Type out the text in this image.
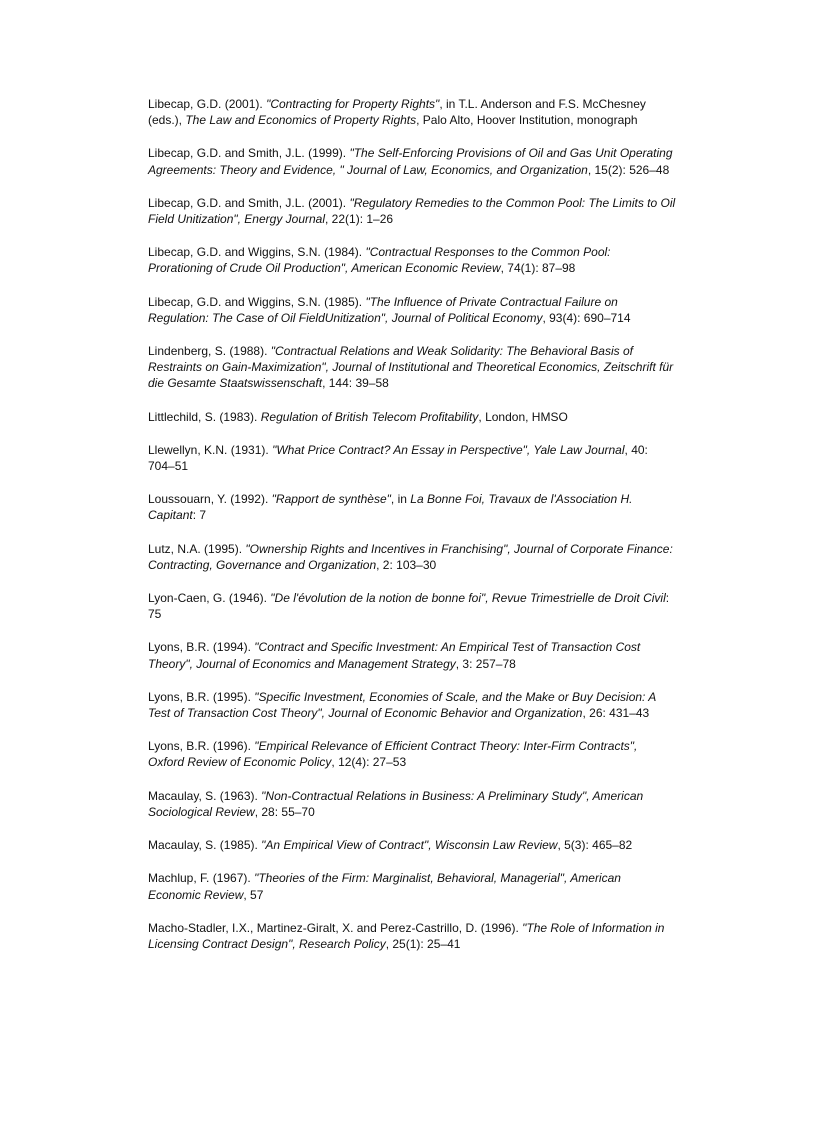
Libecap, G.D. (2001). "Contracting for Property Rights", in T.L. Anderson and F.S. McChesney (eds.), The Law and Economics of Property Rights, Palo Alto, Hoover Institution, monograph

Libecap, G.D. and Smith, J.L. (1999). "The Self-Enforcing Provisions of Oil and Gas Unit Operating Agreements: Theory and Evidence, " Journal of Law, Economics, and Organization, 15(2): 526–48

Libecap, G.D. and Smith, J.L. (2001). "Regulatory Remedies to the Common Pool: The Limits to Oil Field Unitization", Energy Journal, 22(1): 1–26

Libecap, G.D. and Wiggins, S.N. (1984). "Contractual Responses to the Common Pool: Prorationing of Crude Oil Production", American Economic Review, 74(1): 87–98

Libecap, G.D. and Wiggins, S.N. (1985). "The Influence of Private Contractual Failure on Regulation: The Case of Oil FieldUnitization", Journal of Political Economy, 93(4): 690–714

Lindenberg, S. (1988). "Contractual Relations and Weak Solidarity: The Behavioral Basis of Restraints on Gain-Maximization", Journal of Institutional and Theoretical Economics, Zeitschrift für die Gesamte Staatswissenschaft, 144: 39–58

Littlechild, S. (1983). Regulation of British Telecom Profitability, London, HMSO

Llewellyn, K.N. (1931). "What Price Contract? An Essay in Perspective", Yale Law Journal, 40: 704–51

Loussouarn, Y. (1992). "Rapport de synthèse", in La Bonne Foi, Travaux de l'Association H. Capitant: 7

Lutz, N.A. (1995). "Ownership Rights and Incentives in Franchising", Journal of Corporate Finance: Contracting, Governance and Organization, 2: 103–30

Lyon-Caen, G. (1946). "De l'évolution de la notion de bonne foi", Revue Trimestrielle de Droit Civil: 75

Lyons, B.R. (1994). "Contract and Specific Investment: An Empirical Test of Transaction Cost Theory", Journal of Economics and Management Strategy, 3: 257–78

Lyons, B.R. (1995). "Specific Investment, Economies of Scale, and the Make or Buy Decision: A Test of Transaction Cost Theory", Journal of Economic Behavior and Organization, 26: 431–43

Lyons, B.R. (1996). "Empirical Relevance of Efficient Contract Theory: Inter-Firm Contracts", Oxford Review of Economic Policy, 12(4): 27–53

Macaulay, S. (1963). "Non-Contractual Relations in Business: A Preliminary Study", American Sociological Review, 28: 55–70

Macaulay, S. (1985). "An Empirical View of Contract", Wisconsin Law Review, 5(3): 465–82

Machlup, F. (1967). "Theories of the Firm: Marginalist, Behavioral, Managerial", American Economic Review, 57

Macho-Stadler, I.X., Martinez-Giralt, X. and Perez-Castrillo, D. (1996). "The Role of Information in Licensing Contract Design", Research Policy, 25(1): 25–41
